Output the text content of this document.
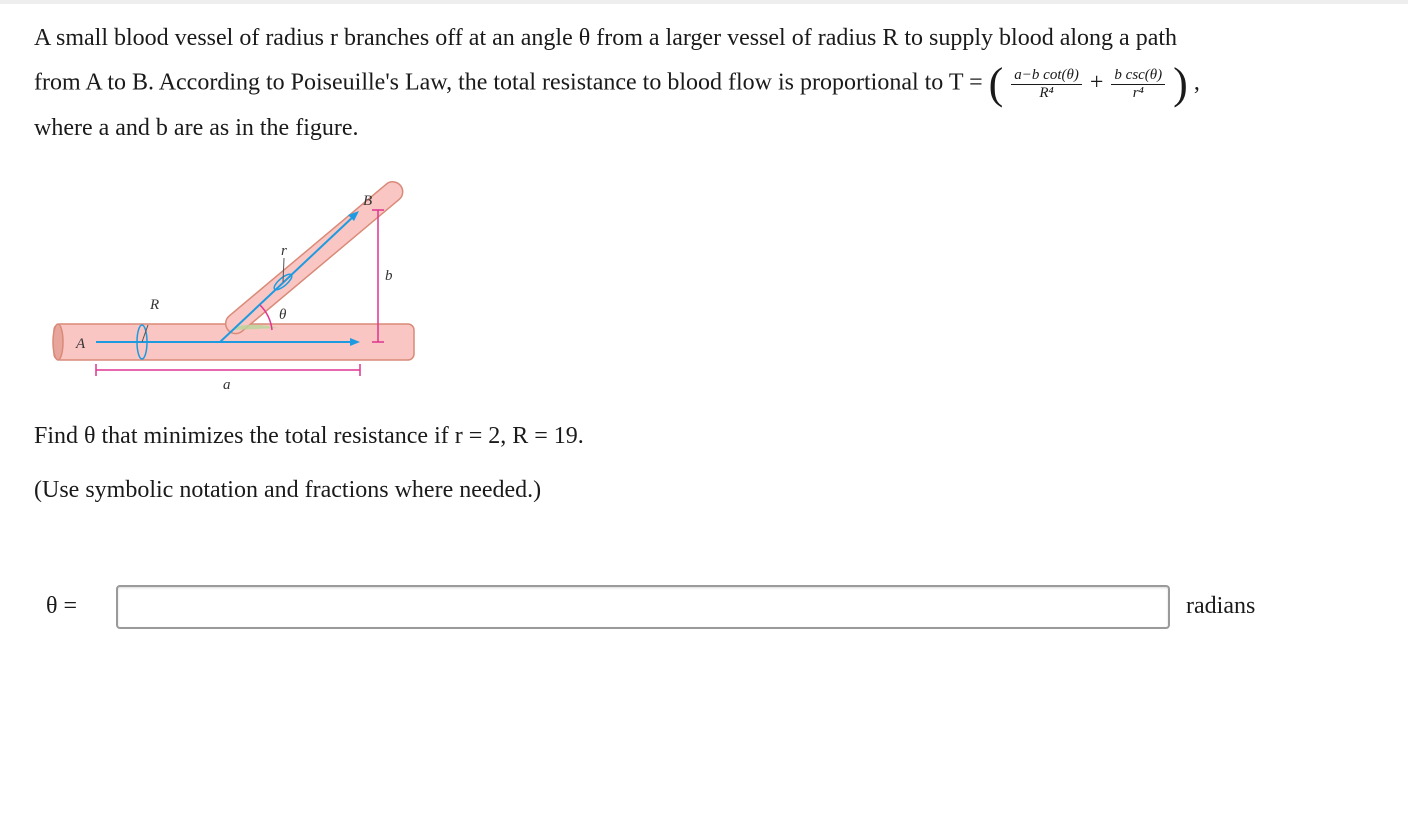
A small blood vessel of radius r branches off at an angle θ from a larger vessel of radius R to supply blood along a path
from A to B. According to Poiseuille's Law, the total resistance to blood flow is proportional to T = ( $\frac{\text{a−b cot(θ)}}{\text{R⁴}} + \frac{\text{b csc(θ)}}{\text{r⁴}}$ ) ,
where a and b are as in the figure.
A
B
R
r
θ
b
a
Find θ that minimizes the total resistance if r = 2, R = 19.
(Use symbolic notation and fractions where needed.)
θ =	radians
